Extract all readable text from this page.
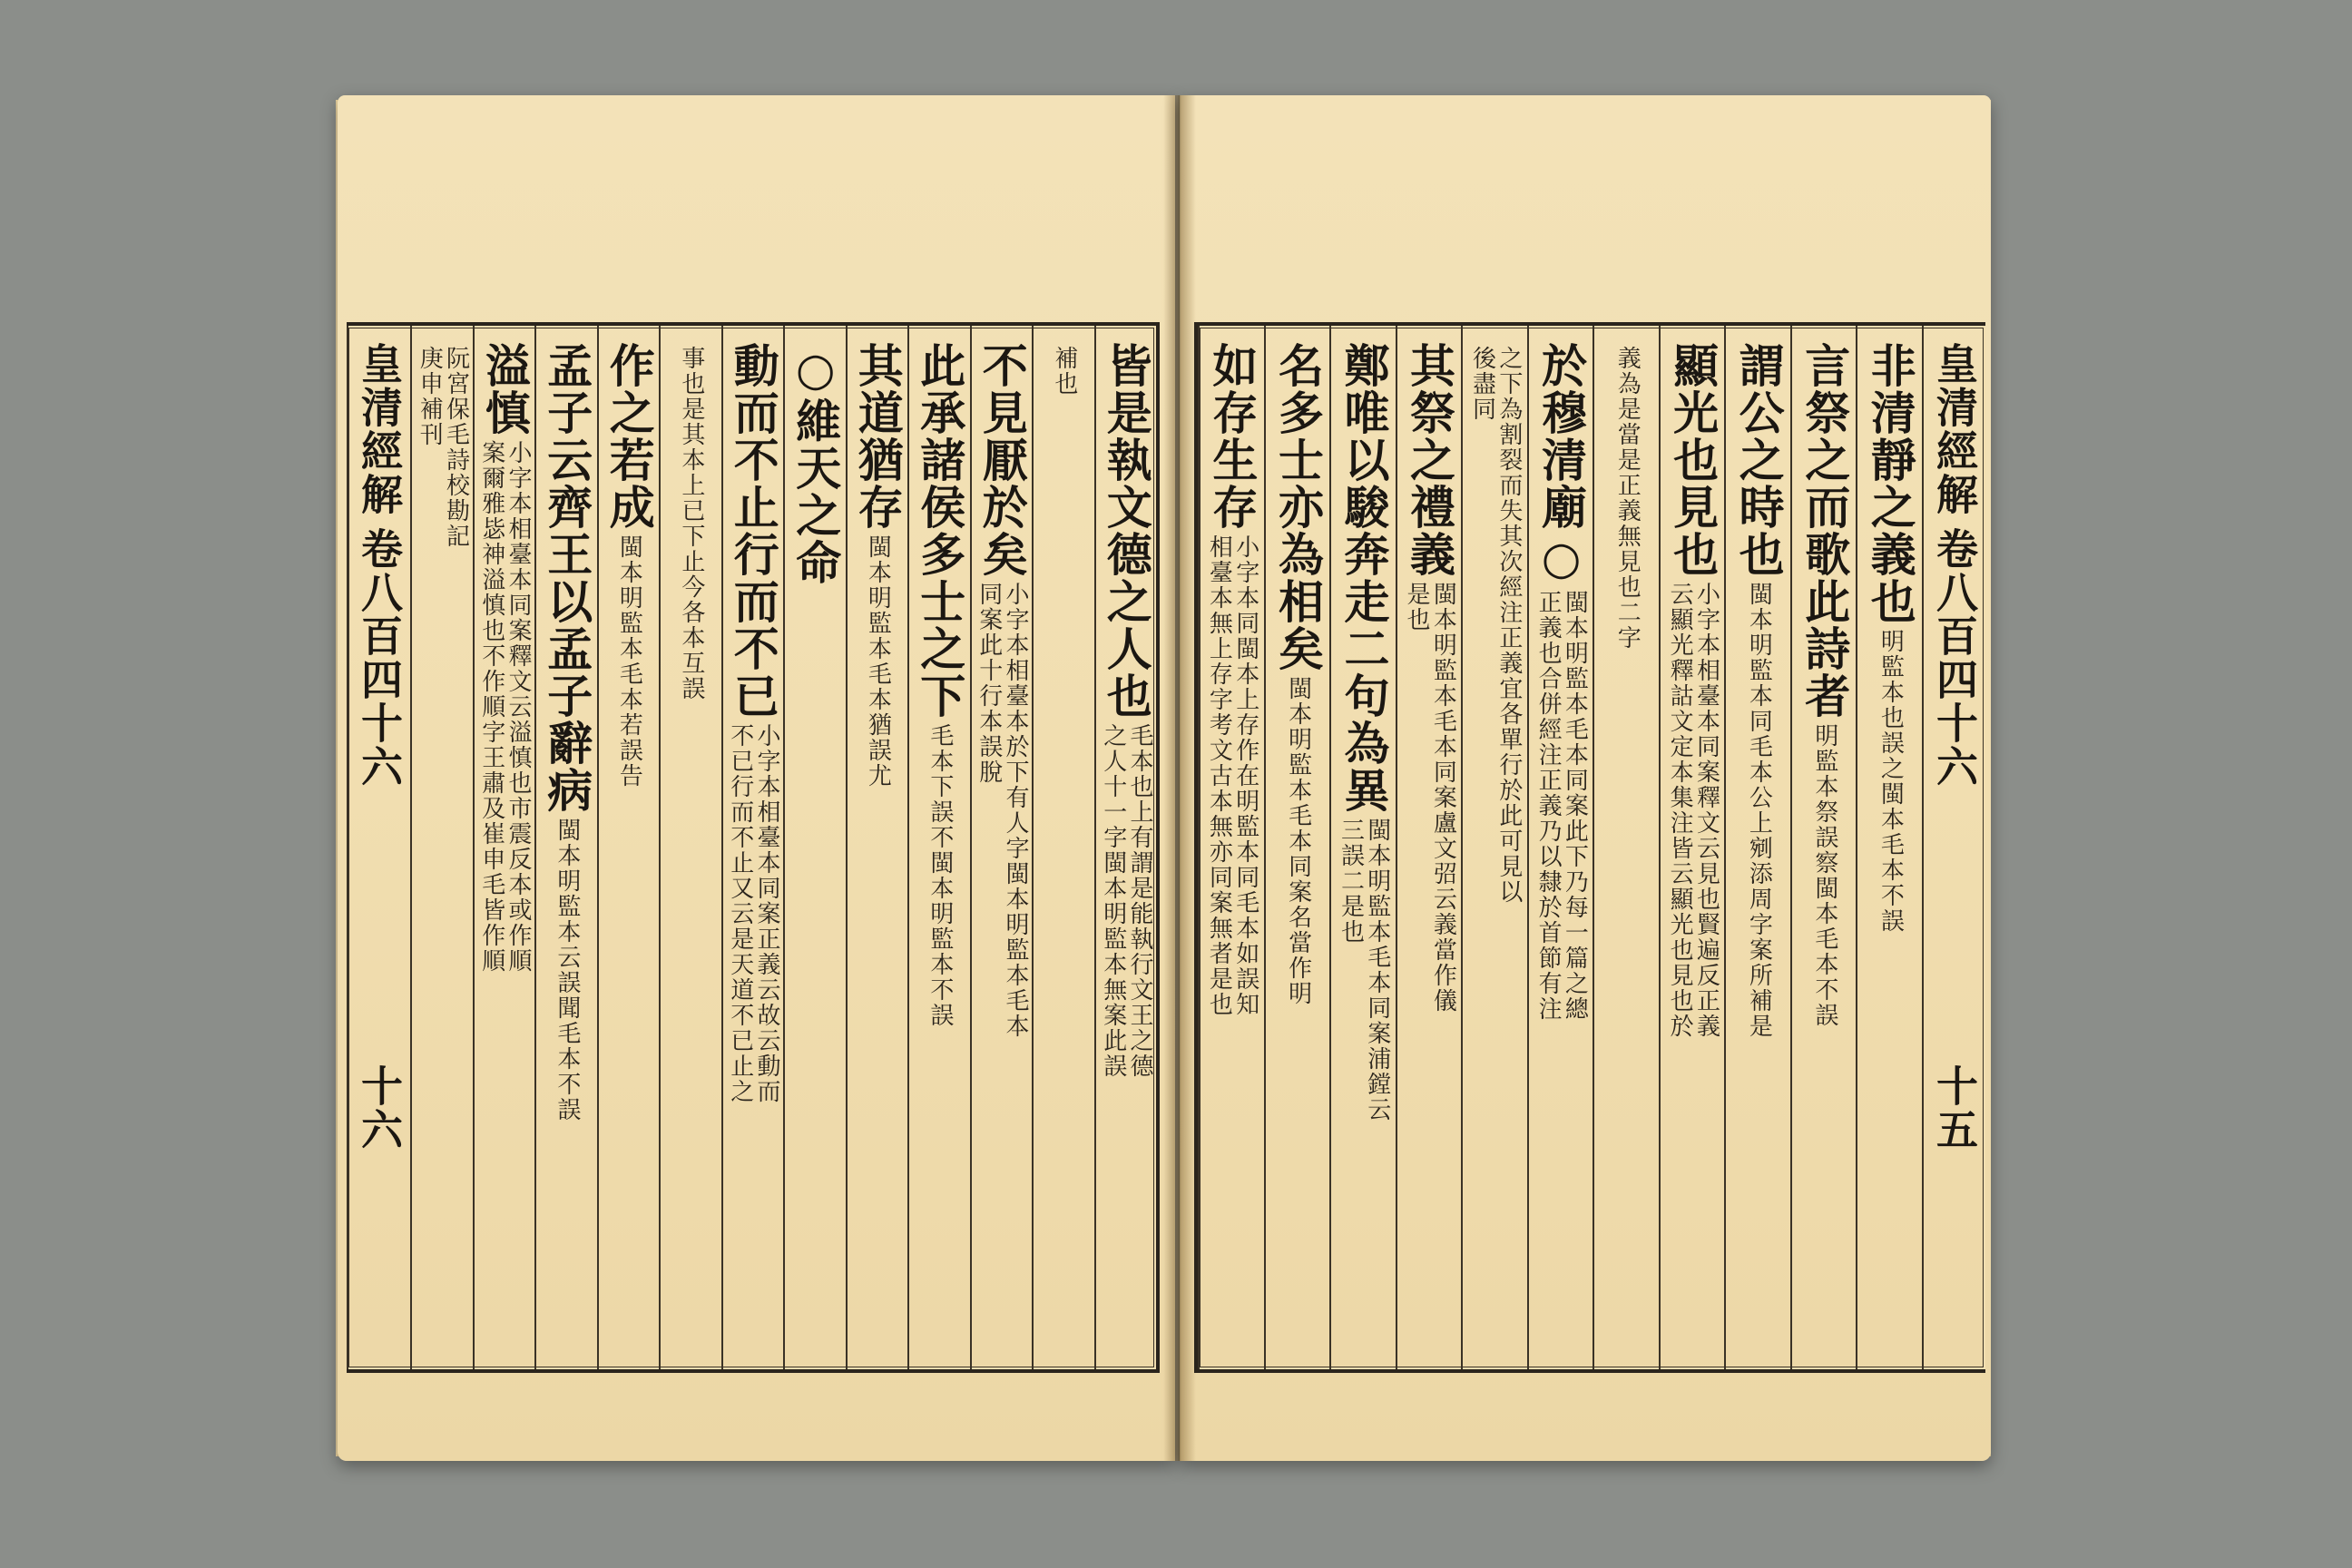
皇清經解
卷八百四十六
十五
非清靜之義也
明監本也誤之閩本毛本不誤
言祭之而歌此詩者
明監本祭誤察閩本毛本不誤
謂公之時也
閩本明監本同毛本公上剜添周字案所補是
顯光也見也
小字本相臺本同案釋文云見也賢遍反正義
云顯光釋詁文定本集注皆云顯光也見也於
義為是當是正義無見也二字
於穆清廟○
閩本明監本毛本同案此下乃每一篇之總
正義也合併經注正義乃以隸於首節有注
之下為割裂而失其次經注正義宜各單行於此可見以
後盡同
其祭之禮義
閩本明監本毛本同案盧文弨云義當作儀
是也
鄭唯以駿奔走二句為異
閩本明監本毛本同案浦鏜云
三誤二是也
名多士亦為相矣
閩本明監本毛本同案名當作明
如存生存
小字本同閩本上存作在明監本同毛本如誤知
相臺本無上存字考文古本無亦同案無者是也
皆是執文德之人也
毛本也上有謂是能執行文王之德
之人十一字閩本明監本無案此誤
補也
不見厭於矣
小字本相臺本於下有人字閩本明監本毛本
同案此十行本誤脫
此承諸侯多士之下
毛本下誤不閩本明監本不誤
其道猶存
閩本明監本毛本猶誤尤
○維天之命
動而不止行而不已
小字本相臺本同案正義云故云動而
不已行而不止又云是天道不已止之
事也是其本上已下止今各本互誤
作之若成
閩本明監本毛本若誤告
孟子云齊王以孟子辭病
閩本明監本云誤聞毛本不誤
溢慎
小字本相臺本同案釋文云溢慎也市震反本或作順
案爾雅毖神溢慎也不作順字王肅及崔申毛皆作順
阮宮保毛詩校勘記
庚申補刊
皇清經解
卷八百四十六
十六
